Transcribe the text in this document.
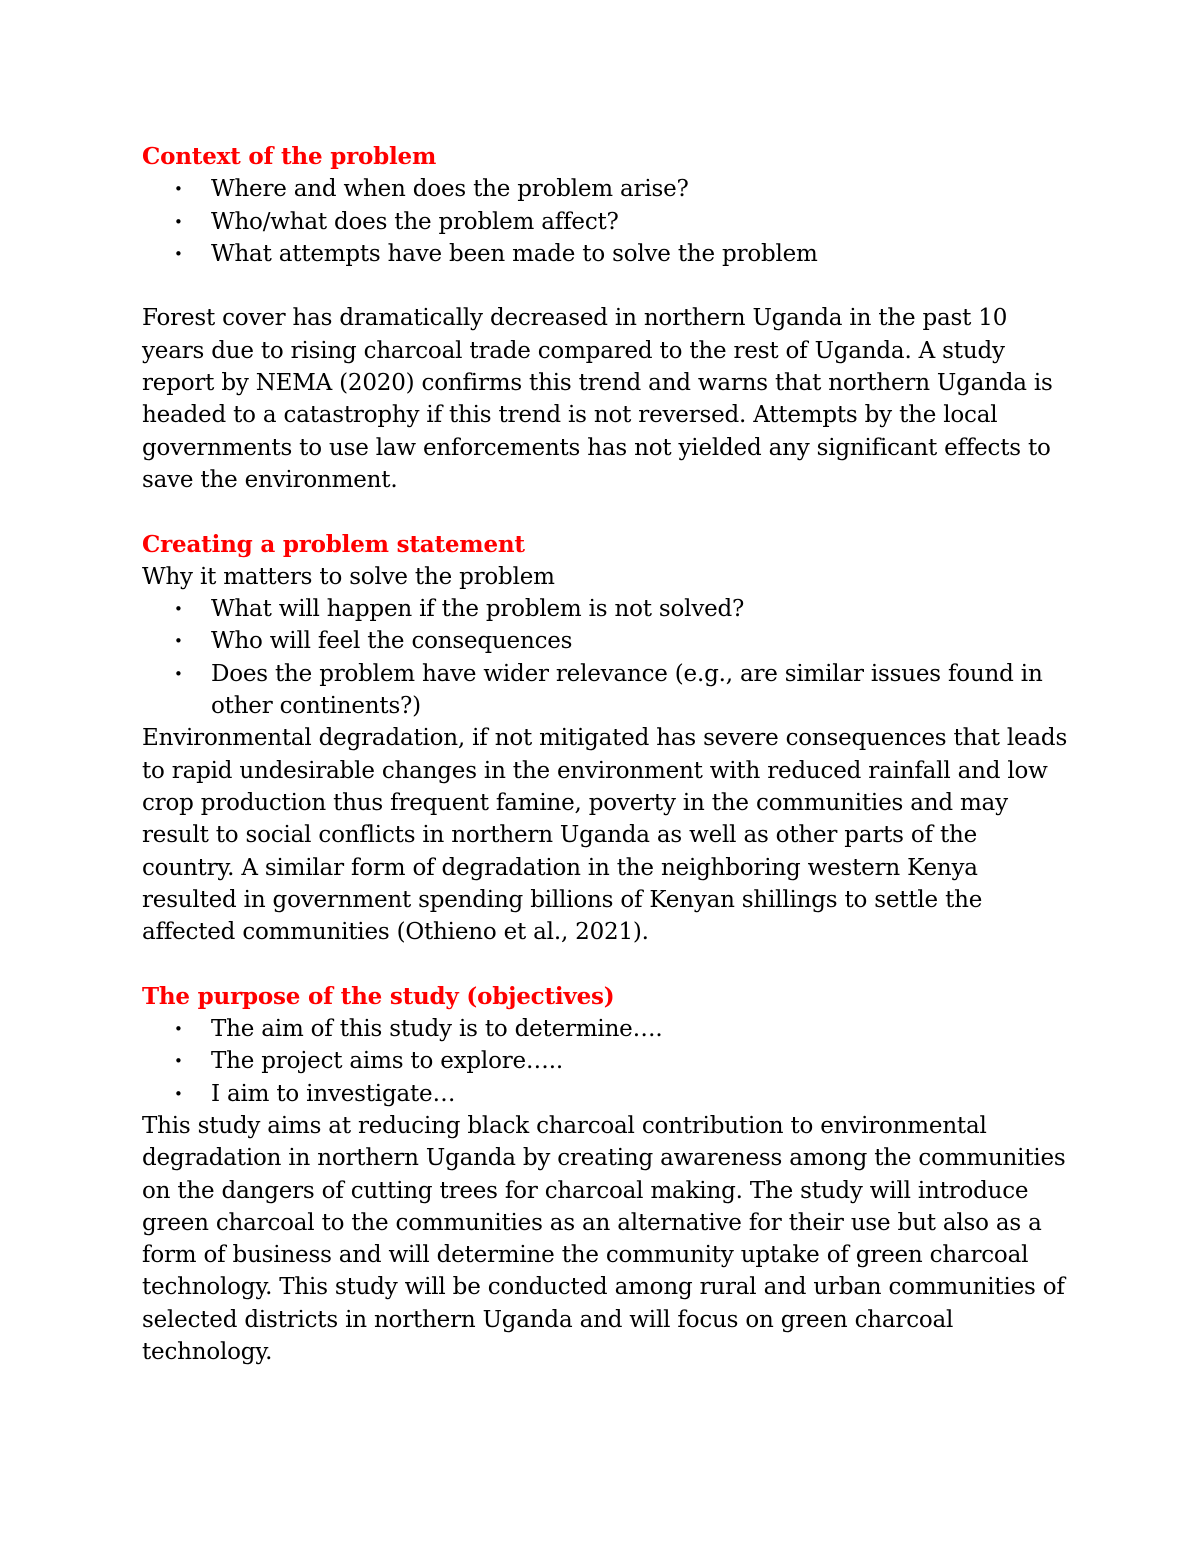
Context of the problem

• Where and when does the problem arise?
• Who/what does the problem affect?
• What attempts have been made to solve the problem

Forest cover has dramatically decreased in northern Uganda in the past 10 years due to rising charcoal trade compared to the rest of Uganda. A study report by NEMA (2020) confirms this trend and warns that northern Uganda is headed to a catastrophy if this trend is not reversed. Attempts by the local governments to use law enforcements has not yielded any significant effects to save the environment.

Creating a problem statement

Why it matters to solve the problem

• What will happen if the problem is not solved?
• Who will feel the consequences
• Does the problem have wider relevance (e.g., are similar issues found in other continents?)

Environmental degradation, if not mitigated has severe consequences that leads to rapid undesirable changes in the environment with reduced rainfall and low crop production thus frequent famine, poverty in the communities and may result to social conflicts in northern Uganda as well as other parts of the country. A similar form of degradation in the neighboring western Kenya resulted in government spending billions of Kenyan shillings to settle the affected communities (Othieno et al., 2021).

The purpose of the study (objectives)

• The aim of this study is to determine….
• The project aims to explore…..
• I aim to investigate…

This study aims at reducing black charcoal contribution to environmental degradation in northern Uganda by creating awareness among the communities on the dangers of cutting trees for charcoal making. The study will introduce green charcoal to the communities as an alternative for their use but also as a form of business and will determine the community uptake of green charcoal technology. This study will be conducted among rural and urban communities of selected districts in northern Uganda and will focus on green charcoal technology.
